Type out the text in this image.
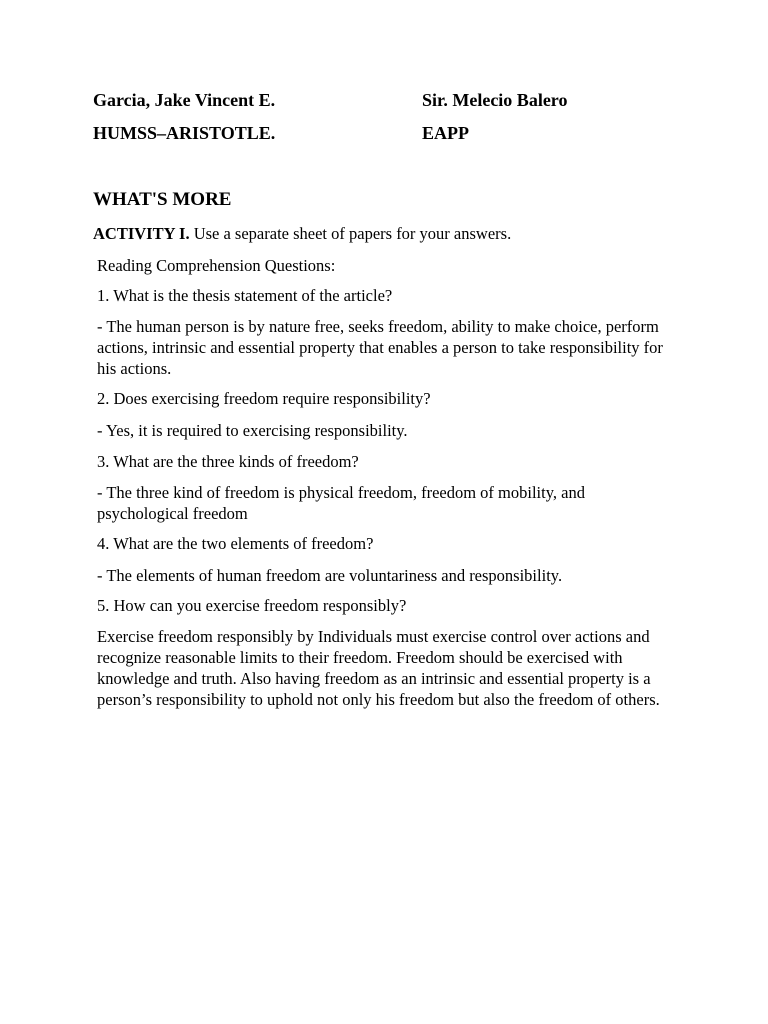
Garcia, Jake Vincent E.	Sir. Melecio Balero
HUMSS–ARISTOTLE.	EAPP
WHAT'S MORE
ACTIVITY I. Use a separate sheet of papers for your answers.
Reading Comprehension Questions:
1. What is the thesis statement of the article?
- The human person is by nature free, seeks freedom, ability to make choice, perform actions, intrinsic and essential property that enables a person to take responsibility for his actions.
2. Does exercising freedom require responsibility?
- Yes, it is required to exercising responsibility.
3. What are the three kinds of freedom?
- The three kind of freedom is physical freedom, freedom of mobility, and psychological freedom
4. What are the two elements of freedom?
- The elements of human freedom are voluntariness and responsibility.
5. How can you exercise freedom responsibly?
Exercise freedom responsibly by Individuals must exercise control over actions and recognize reasonable limits to their freedom. Freedom should be exercised with knowledge and truth. Also having freedom as an intrinsic and essential property is a person’s responsibility to uphold not only his freedom but also the freedom of others.
